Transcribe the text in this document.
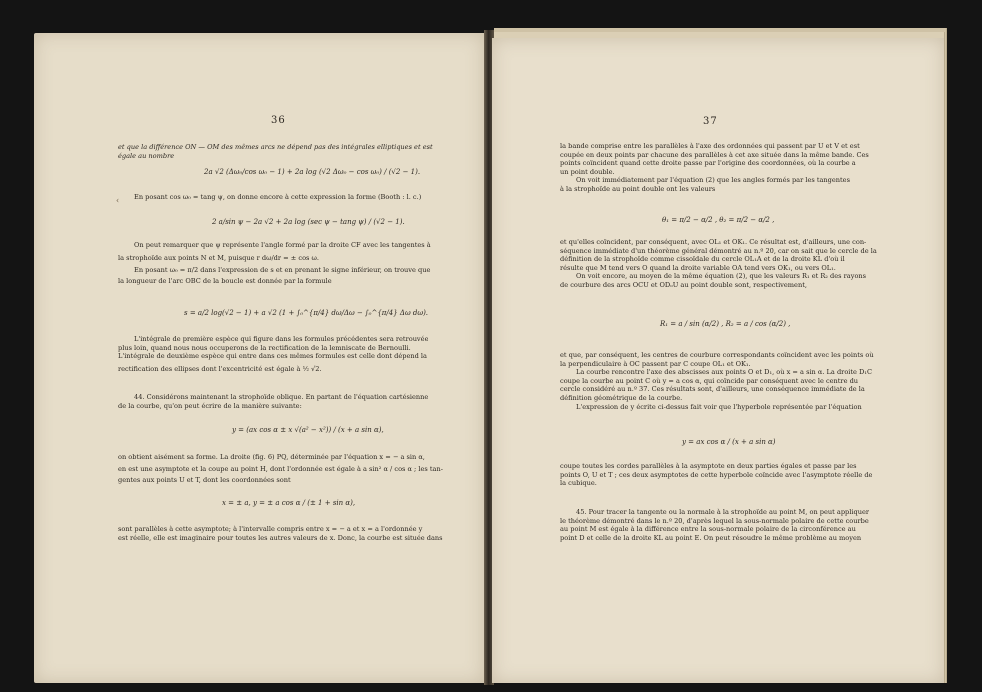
36
et que la différence ON — OM des mêmes arcs ne dépend pas des intégrales elliptiques et est
égale au nombre
2a √2 (Δω₀/cos ω₀ − 1) + 2a log (√2 Δω₀ − cos ω₀) / (√2 − 1).
‹ En posant cos ω₀ = tang ψ, on donne encore à cette expression la forme (Booth : l. c.)
2 a/sin ψ − 2a √2 + 2a log (sec ψ − tang ψ) / (√2 − 1).
On peut remarquer que ψ représente l'angle formé par la droite CF avec les tangentes à
la strophoïde aux points N et M, puisque r dω/dr = ± cos ω.
En posant ω₀ = π/2 dans l'expression de s et en prenant le signe inférieur, on trouve que
la longueur de l'arc OBC de la boucle est donnée par la formule
s = a/2 log(√2 − 1) + a √2 (1 + ∫₀^{π/4} dω/Δω − ∫₀^{π/4} Δω dω).
L'intégrale de première espèce qui figure dans les formules précédentes sera retrouvée
plus loin, quand nous nous occuperons de la rectification de la lemniscate de Bernoulli.
L'intégrale de deuxième espèce qui entre dans ces mêmes formules est celle dont dépend la
rectification des ellipses dont l'excentricité est égale à ½ √2.
44. Considérons maintenant la strophoïde oblique. En partant de l'équation cartésienne
de la courbe, qu'on peut écrire de la manière suivante:
y = (ax cos α ± x √(a² − x²)) / (x + a sin α),
on obtient aisément sa forme. La droite (fig. 6) PQ, déterminée par l'équation x = − a sin α,
en est une asymptote et la coupe au point H, dont l'ordonnée est égale à a sin² α / cos α ; les tan-
gentes aux points U et T, dont les coordonnées sont
x = ± a, y = ± a cos α / (± 1 + sin α),
sont parallèles à cette asymptote; à l'intervalle compris entre x = − a et x = a l'ordonnée y
est réelle, elle est imaginaire pour toutes les autres valeurs de x. Donc, la courbe est située dans
37
la bande comprise entre les parallèles à l'axe des ordonnées qui passent par U et V et est
coupée en deux points par chacune des parallèles à cet axe située dans la même bande. Ces
points coïncident quand cette droite passe par l'origine des coordonnées, où la courbe a
un point double.
On voit immédiatement par l'équation (2) que les angles formés par les tangentes
à la strophoïde au point double ont les valeurs
θ₁ = π/2 − α/2 , θ₂ = π/2 − α/2 ,
et qu'elles coïncident, par conséquent, avec OL₁ et OK₁. Ce résultat est, d'ailleurs, une con-
séquence immédiate d'un théorème général démontré au n.º 20, car on sait que le cercle de la
définition de la strophoïde comme cissoïdale du cercle OL₁A et de la droite KL d'où il
résulte que M tend vers O quand la droite variable OA tend vers OK₁, ou vers OL₁.
On voit encore, au moyen de la même équation (2), que les valeurs R₁ et R₂ des rayons
de courbure des arcs OCU et ODₒU au point double sont, respectivement,
R₁ = a / sin (α/2) , R₂ = a / cos (α/2) ,
et que, par conséquent, les centres de courbure correspondants coïncident avec les points où
la perpendiculaire à OC passent par C coupe OL₁ et OK₁.
La courbe rencontre l'axe des abscisses aux points O et D₁, où x = a sin α. La droite D₁C
coupe la courbe au point C où y = a cos α, qui coïncide par conséquent avec le centre du
cercle considéré au n.º 37. Ces résultats sont, d'ailleurs, une conséquence immédiate de la
définition géométrique de la courbe.
L'expression de y écrite ci-dessus fait voir que l'hyperbole représentée par l'équation
y = ax cos α / (x + a sin α)
coupe toutes les cordes parallèles à la asymptote en deux parties égales et passe par les
points O, U et T ; ces deux asymptotes de cette hyperbole coïncide avec l'asymptote réelle de
la cubique.
45. Pour tracer la tangente ou la normale à la strophoïde au point M, on peut appliquer
le théorème démontré dans le n.º 20, d'après lequel la sous-normale polaire de cette courbe
au point M est égale à la différence entre la sous-normale polaire de la circonférence au
point D et celle de la droite KL au point E. On peut résoudre le même problème au moyen
